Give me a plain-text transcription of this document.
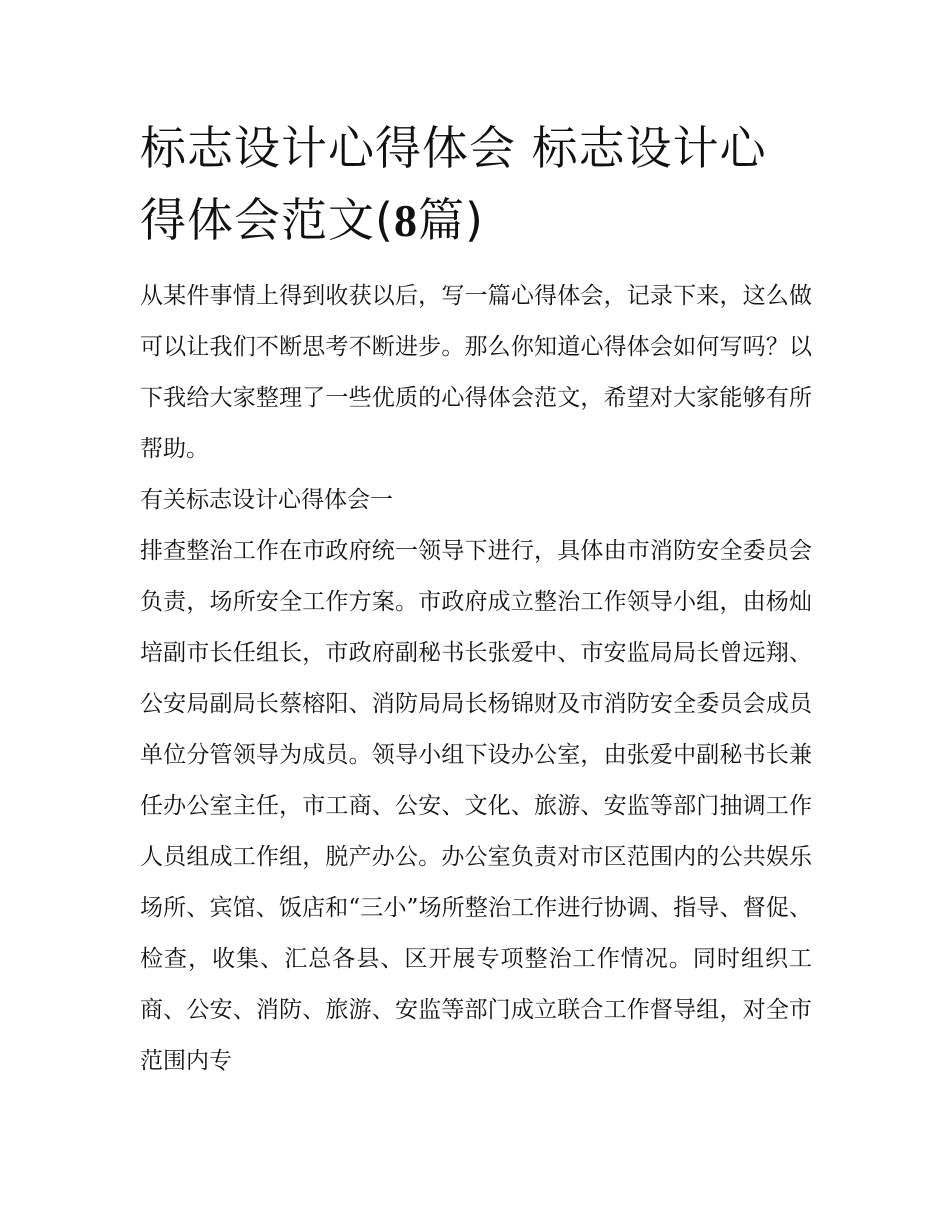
标志设计心得体会 标志设计心得体会范文(8篇)

从某件事情上得到收获以后，写一篇心得体会，记录下来，这么做可以让我们不断思考不断进步。那么你知道心得体会如何写吗？以下我给大家整理了一些优质的心得体会范文，希望对大家能够有所帮助。

有关标志设计心得体会一

排查整治工作在市政府统一领导下进行，具体由市消防安全委员会负责，场所安全工作方案。市政府成立整治工作领导小组，由杨灿培副市长任组长，市政府副秘书长张爱中、市安监局局长曾远翔、公安局副局长蔡榕阳、消防局局长杨锦财及市消防安全委员会成员单位分管领导为成员。领导小组下设办公室，由张爱中副秘书长兼任办公室主任，市工商、公安、文化、旅游、安监等部门抽调工作人员组成工作组，脱产办公。办公室负责对市区范围内的公共娱乐场所、宾馆、饭店和“三小”场所整治工作进行协调、指导、督促、检查，收集、汇总各县、区开展专项整治工作情况。同时组织工商、公安、消防、旅游、安监等部门成立联合工作督导组，对全市范围内专
